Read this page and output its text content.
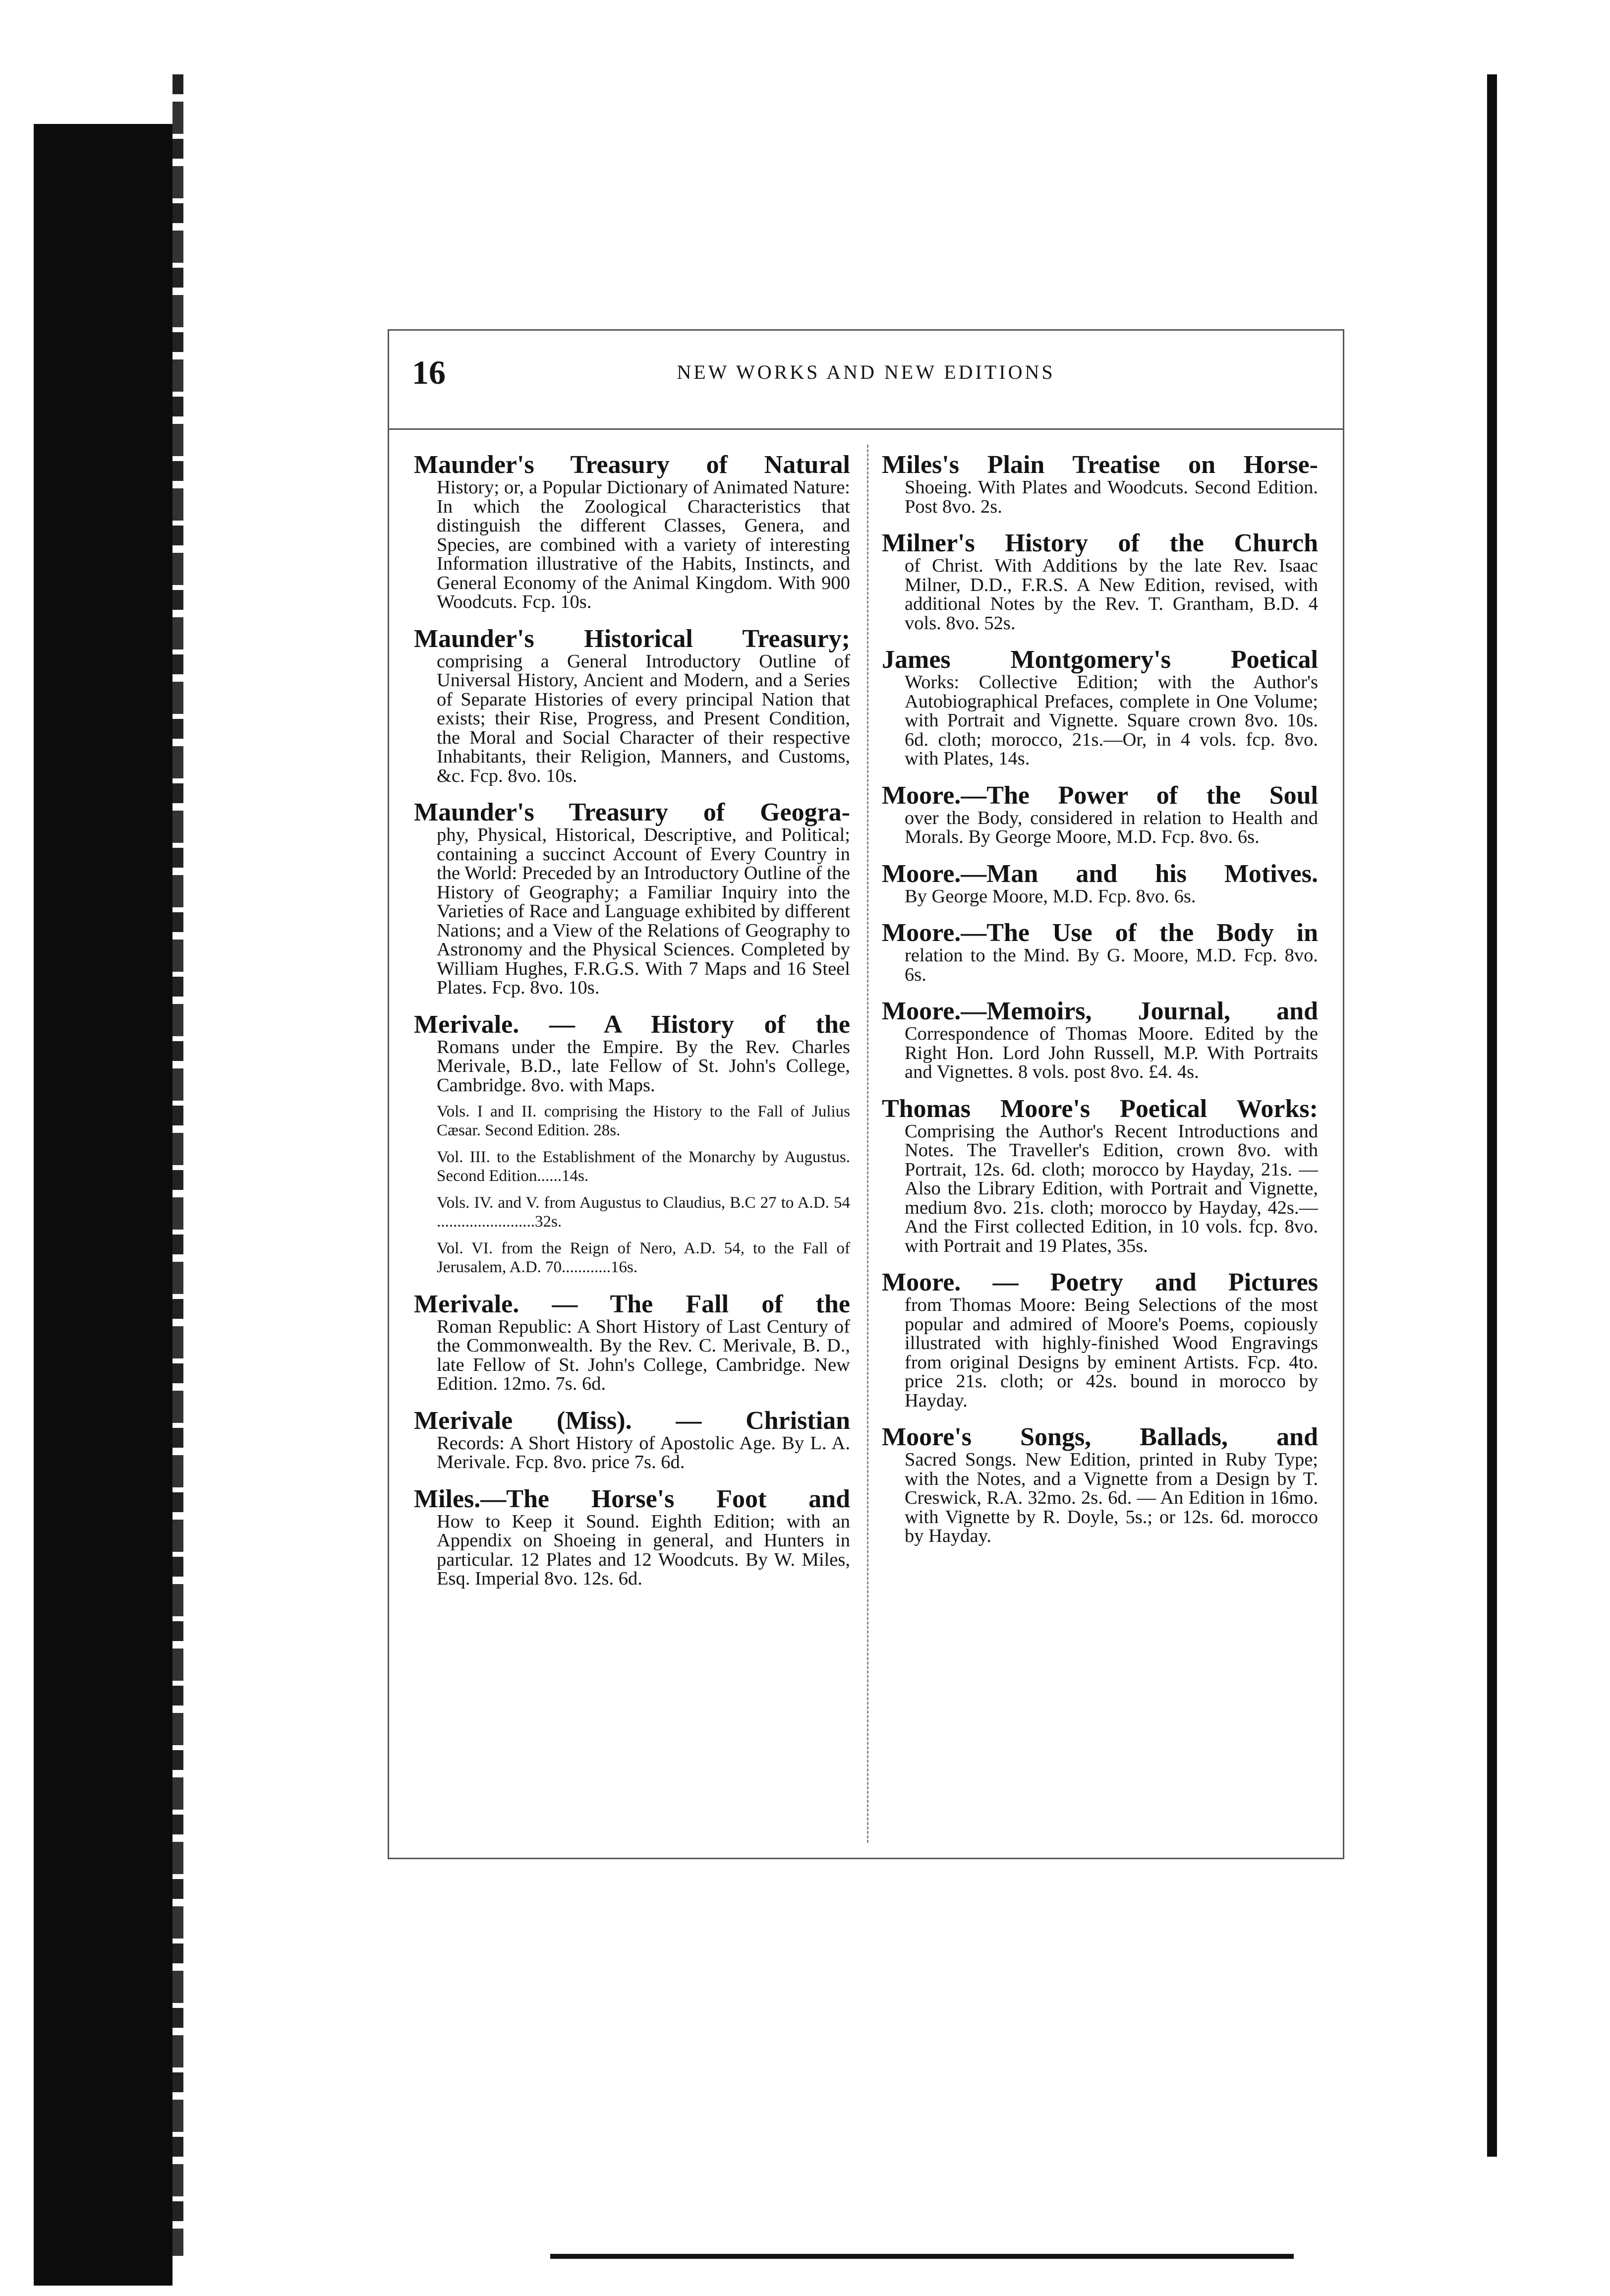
16	NEW WORKS AND NEW EDITIONS
Maunder's Treasury of Natural
History; or, a Popular Dictionary of Animated Nature: In which the Zoological Characteristics that distinguish the different Classes, Genera, and Species, are combined with a variety of interesting Information illustrative of the Habits, Instincts, and General Economy of the Animal Kingdom. With 900 Woodcuts. Fcp. 10s.
Maunder's Historical Treasury;
comprising a General Introductory Outline of Universal History, Ancient and Modern, and a Series of Separate Histories of every principal Nation that exists; their Rise, Progress, and Present Condition, the Moral and Social Character of their respective Inhabitants, their Religion, Manners, and Customs, &c. Fcp. 8vo. 10s.
Maunder's Treasury of Geogra-
phy, Physical, Historical, Descriptive, and Political; containing a succinct Account of Every Country in the World: Preceded by an Introductory Outline of the History of Geography; a Familiar Inquiry into the Varieties of Race and Language exhibited by different Nations; and a View of the Relations of Geography to Astronomy and the Physical Sciences. Completed by William Hughes, F.R.G.S. With 7 Maps and 16 Steel Plates. Fcp. 8vo. 10s.
Merivale. — A History of the
Romans under the Empire. By the Rev. Charles Merivale, B.D., late Fellow of St. John's College, Cambridge. 8vo. with Maps.
Vols. I and II. comprising the History to the Fall of Julius Cæsar. Second Edition. 28s.
Vol. III. to the Establishment of the Monarchy by Augustus. Second Edition......14s.
Vols. IV. and V. from Augustus to Claudius, B.C 27 to A.D. 54 ........................32s.
Vol. VI. from the Reign of Nero, A.D. 54, to the Fall of Jerusalem, A.D. 70............16s.
Merivale. — The Fall of the
Roman Republic: A Short History of Last Century of the Commonwealth. By the Rev. C. Merivale, B. D., late Fellow of St. John's College, Cambridge. New Edition. 12mo. 7s. 6d.
Merivale (Miss). — Christian
Records: A Short History of Apostolic Age. By L. A. Merivale. Fcp. 8vo. price 7s. 6d.
Miles.—The Horse's Foot and
How to Keep it Sound. Eighth Edition; with an Appendix on Shoeing in general, and Hunters in particular. 12 Plates and 12 Woodcuts. By W. Miles, Esq. Imperial 8vo. 12s. 6d.
Miles's Plain Treatise on Horse-
Shoeing. With Plates and Woodcuts. Second Edition. Post 8vo. 2s.
Milner's History of the Church
of Christ. With Additions by the late Rev. Isaac Milner, D.D., F.R.S. A New Edition, revised, with additional Notes by the Rev. T. Grantham, B.D. 4 vols. 8vo. 52s.
James Montgomery's Poetical
Works: Collective Edition; with the Author's Autobiographical Prefaces, complete in One Volume; with Portrait and Vignette. Square crown 8vo. 10s. 6d. cloth; morocco, 21s.—Or, in 4 vols. fcp. 8vo. with Plates, 14s.
Moore.—The Power of the Soul
over the Body, considered in relation to Health and Morals. By George Moore, M.D. Fcp. 8vo. 6s.
Moore.—Man and his Motives.
By George Moore, M.D. Fcp. 8vo. 6s.
Moore.—The Use of the Body in
relation to the Mind. By G. Moore, M.D. Fcp. 8vo. 6s.
Moore.—Memoirs, Journal, and
Correspondence of Thomas Moore. Edited by the Right Hon. Lord John Russell, M.P. With Portraits and Vignettes. 8 vols. post 8vo. £4. 4s.
Thomas Moore's Poetical Works:
Comprising the Author's Recent Introductions and Notes. The Traveller's Edition, crown 8vo. with Portrait, 12s. 6d. cloth; morocco by Hayday, 21s. —Also the Library Edition, with Portrait and Vignette, medium 8vo. 21s. cloth; morocco by Hayday, 42s.—And the First collected Edition, in 10 vols. fcp. 8vo. with Portrait and 19 Plates, 35s.
Moore. — Poetry and Pictures
from Thomas Moore: Being Selections of the most popular and admired of Moore's Poems, copiously illustrated with highly-finished Wood Engravings from original Designs by eminent Artists. Fcp. 4to. price 21s. cloth; or 42s. bound in morocco by Hayday.
Moore's Songs, Ballads, and
Sacred Songs. New Edition, printed in Ruby Type; with the Notes, and a Vignette from a Design by T. Creswick, R.A. 32mo. 2s. 6d. — An Edition in 16mo. with Vignette by R. Doyle, 5s.; or 12s. 6d. morocco by Hayday.
